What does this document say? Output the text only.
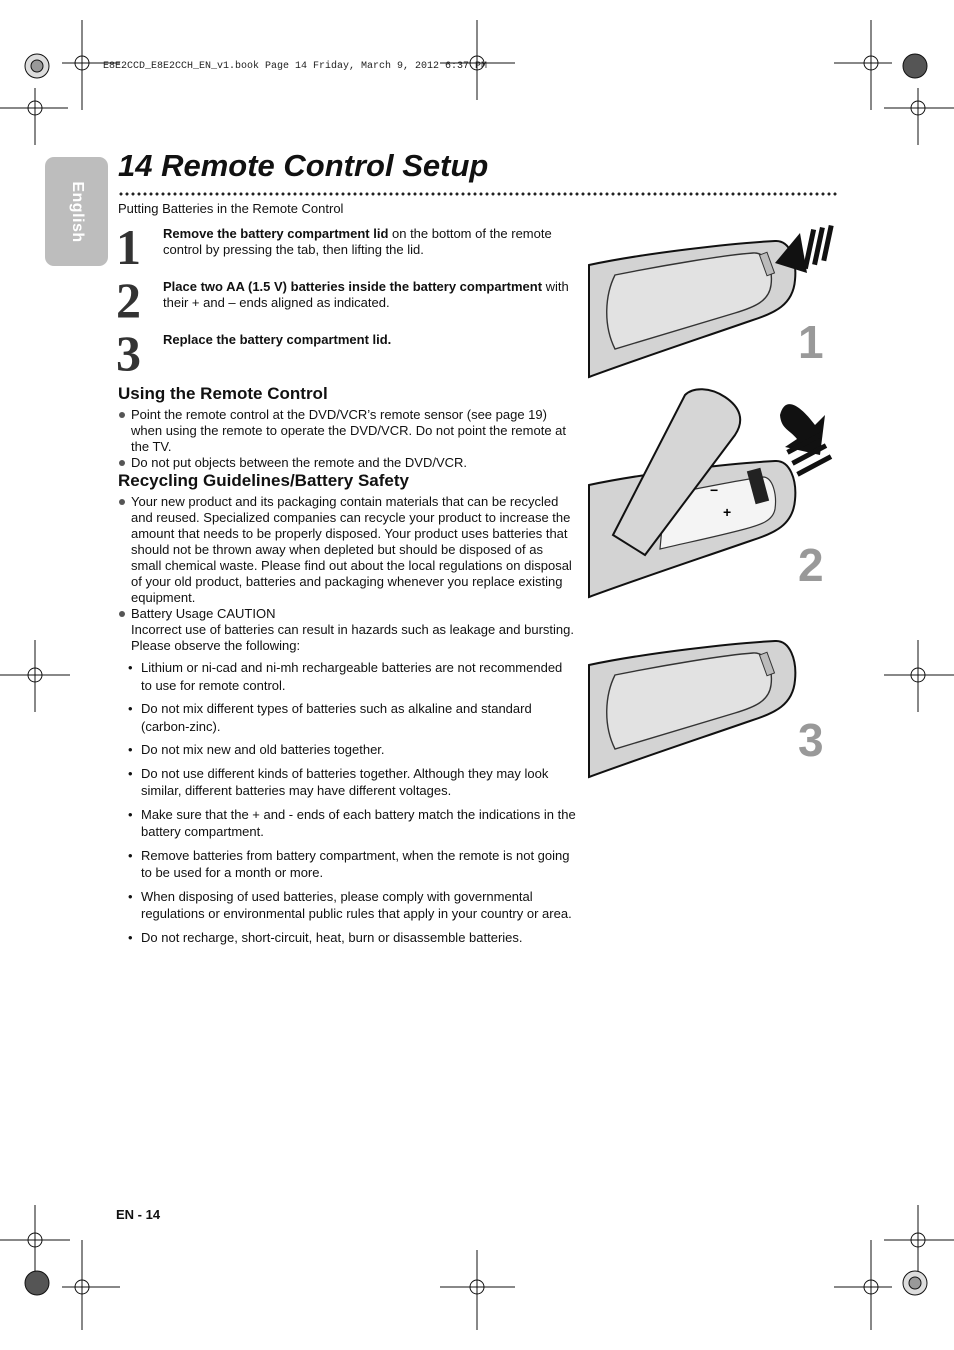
E8E2CCD_E8E2CCH_EN_v1.book Page 14 Friday, March 9, 2012 6:37 PM
English
14 Remote Control Setup
Putting Batteries in the Remote Control
1 Remove the battery compartment lid on the bottom of the remote control by pressing the tab, then lifting the lid.
2 Place two AA (1.5 V) batteries inside the battery compartment with their + and – ends aligned as indicated.
3 Replace the battery compartment lid.
Using the Remote Control
Point the remote control at the DVD/VCR’s remote sensor (see page 19) when using the remote to operate the DVD/VCR. Do not point the remote at the TV.
Do not put objects between the remote and the DVD/VCR.
Recycling Guidelines/Battery Safety
Your new product and its packaging contain materials that can be recycled and reused. Specialized companies can recycle your product to increase the amount that needs to be properly disposed. Your product uses batteries that should not be thrown away when depleted but should be disposed of as small chemical waste. Please find out about the local regulations on disposal of your old product, batteries and packaging whenever you replace existing equipment.
Battery Usage CAUTION
Incorrect use of batteries can result in hazards such as leakage and bursting. Please observe the following:
• Lithium or ni-cad and ni-mh rechargeable batteries are not recommended to use for remote control.
• Do not mix different types of batteries such as alkaline and standard (carbon-zinc).
• Do not mix new and old batteries together.
• Do not use different kinds of batteries together. Although they may look similar, different batteries may have different voltages.
• Make sure that the + and - ends of each battery match the indications in the battery compartment.
• Remove batteries from battery compartment, when the remote is not going to be used for a month or more.
• When disposing of used batteries, please comply with governmental regulations or environmental public rules that apply in your country or area.
• Do not recharge, short-circuit, heat, burn or disassemble batteries.
1
−
+
2
3
EN - 14
